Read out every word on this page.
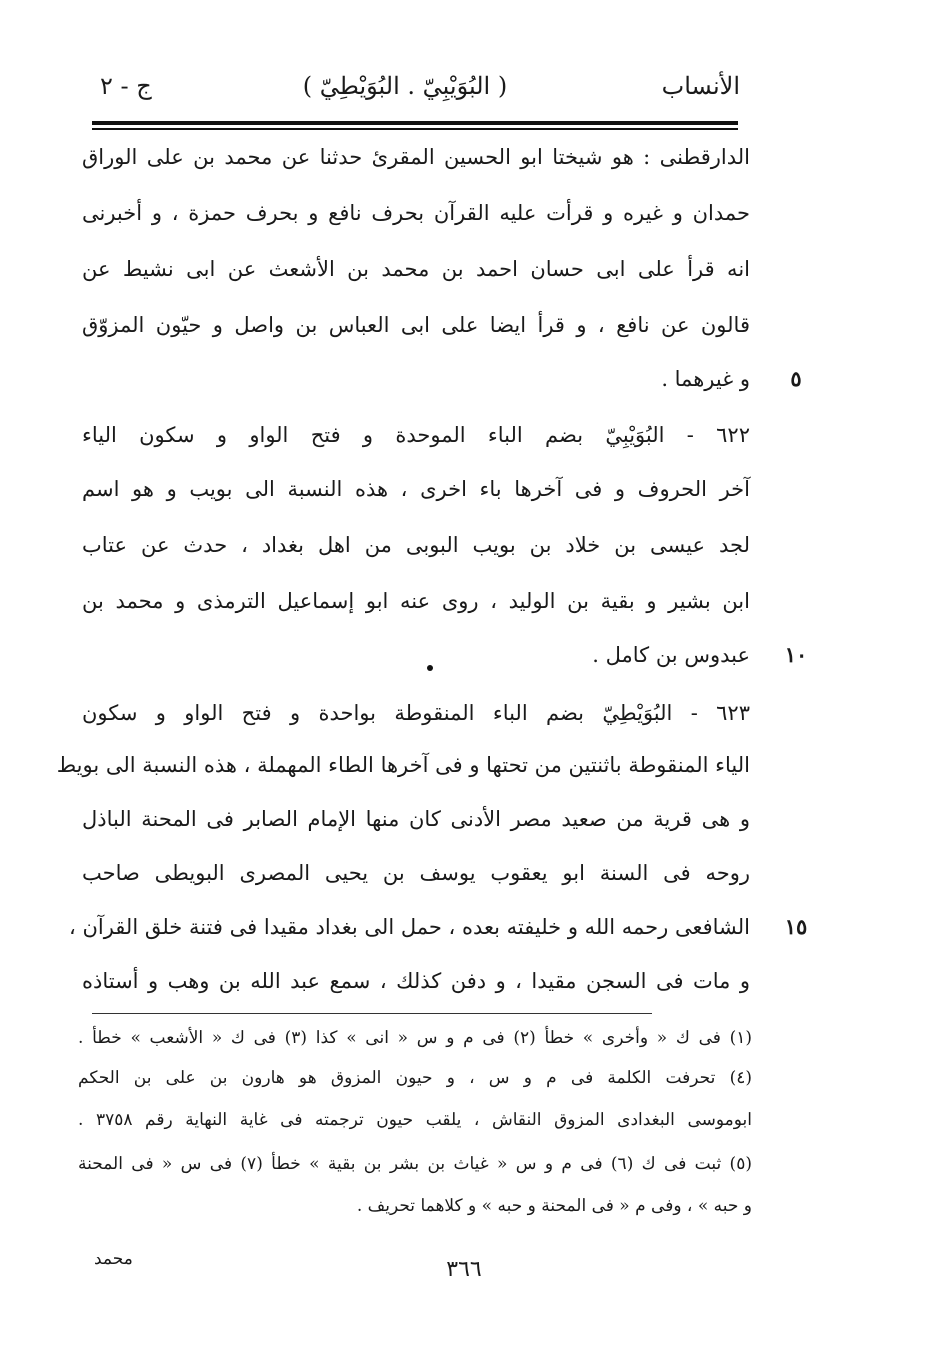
الأنساب
( البُوَيْبِيّ . البُوَيْطِيّ )
ج - ٢
الدارقطنى : هو شيختا ابو الحسين المقرئ حدثنا عن محمد بن على الوراق
حمدان و غيره و قرأت عليه القرآن بحرف نافع و بحرف حمزة ، و أخبرنى
انه قرأ على ابى حسان احمد بن محمد بن الأشعث عن ابى نشيط عن
قالون عن نافع ، و قرأ ايضا على ابى العباس بن واصل و حيّون المزوّق
و غيرهما .	٥
٦٢٢ - البُوَيْبِيّ بضم الباء الموحدة و فتح الواو و سكون الياء
آخر الحروف و فى آخرها باء اخرى ، هذه النسبة الى بويب و هو اسم
لجد عيسى بن خلاد بن بويب البوبى من اهل بغداد ، حدث عن عتاب
ابن بشير و بقية بن الوليد ، روى عنه ابو إسماعيل الترمذى و محمد بن
عبدوس بن كامل .	١٠
٦٢٣ - البُوَيْطِيّ بضم الباء المنقوطة بواحدة و فتح الواو و سكون
الياء المنقوطة باثنتين من تحتها و فى آخرها الطاء المهملة ، هذه النسبة الى بويط
و هى قرية من صعيد مصر الأدنى كان منها الإمام الصابر فى المحنة الباذل
روحه فى السنة ابو يعقوب يوسف بن يحيى المصرى البويطى صاحب
الشافعى رحمه الله و خليفته بعده ، حمل الى بغداد مقيدا فى فتنة خلق القرآن ،	١٥
و مات فى السجن مقيدا ، و دفن كذلك ، سمع عبد الله بن وهب و أستاذه
(١) فى ك « وأخرى » خطأ (٢) فى م و س « انى » كذا (٣) فى ك « الأشعب » خطأ .
(٤) تحرفت الكلمة فى م و س ، و حيون المزوق هو هارون بن على بن الحكم
ابوموسى البغدادى المزوق النقاش ، يلقب حيون ترجمته فى غاية النهاية رقم ٣٧٥٨ .
(٥) ثبت فى ك (٦) فى م و س « غياث بن بشر بن بقية » خطأ (٧) فى س « فى المحنة
و حبه » ، وفى م « فى المحنة و حبه » و كلاهما تحريف .
٣٦٦
محمد
